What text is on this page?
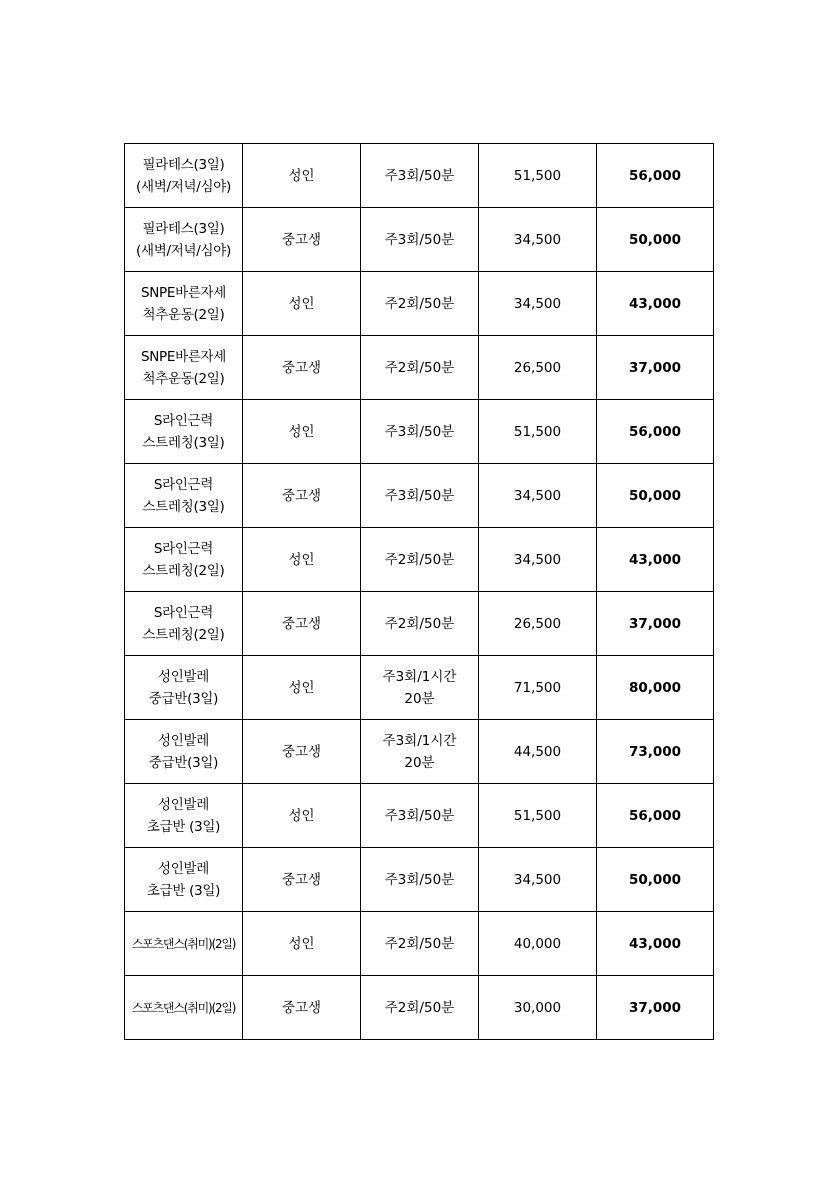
필라테스(3일)
(새벽/저녁/심야)	성인	주3회/50분	51,500	56,000

필라테스(3일)
(새벽/저녁/심야)	중고생	주3회/50분	34,500	50,000

SNPE바른자세
척추운동(2일)	성인	주2회/50분	34,500	43,000

SNPE바른자세
척추운동(2일)	중고생	주2회/50분	26,500	37,000

S라인근력
스트레칭(3일)	성인	주3회/50분	51,500	56,000

S라인근력
스트레칭(3일)	중고생	주3회/50분	34,500	50,000

S라인근력
스트레칭(2일)	성인	주2회/50분	34,500	43,000

S라인근력
스트레칭(2일)	중고생	주2회/50분	26,500	37,000

성인발레
중급반(3일)	성인	주3회/1시간
20분	71,500	80,000

성인발레
중급반(3일)	중고생	주3회/1시간
20분	44,500	73,000

성인발레
초급반 (3일)	성인	주3회/50분	51,500	56,000

성인발레
초급반 (3일)	중고생	주3회/50분	34,500	50,000

스포츠댄스(취미)(2일)	성인	주2회/50분	40,000	43,000

스포츠댄스(취미)(2일)	중고생	주2회/50분	30,000	37,000
